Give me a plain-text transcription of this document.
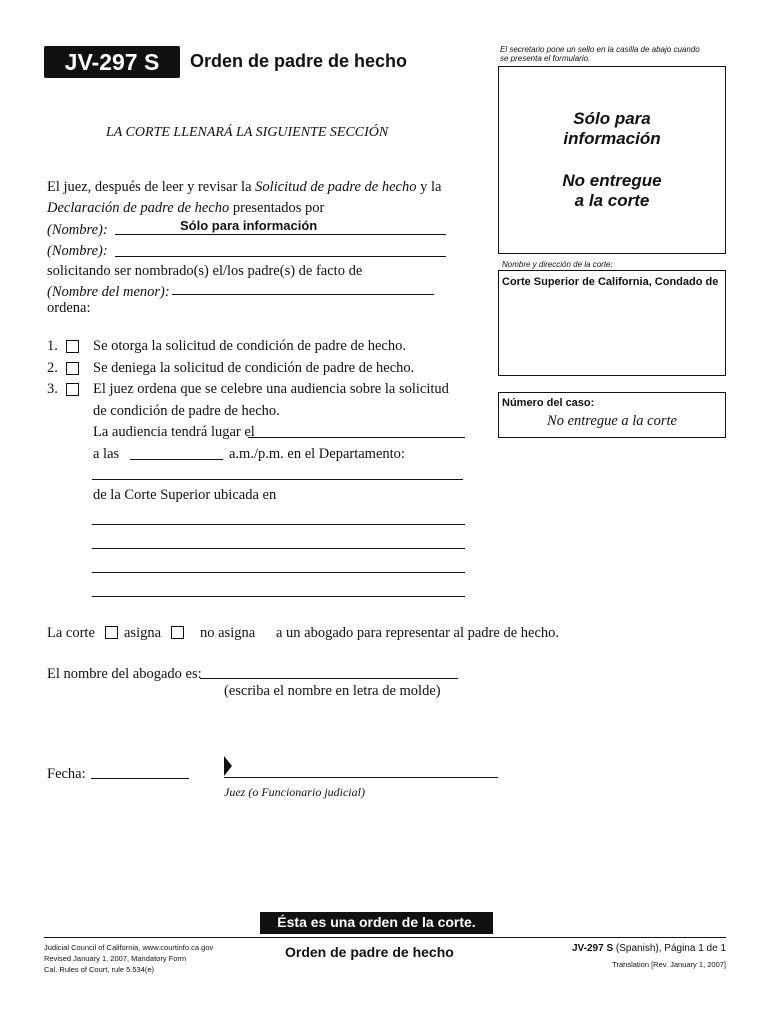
JV-297 S	Orden de padre de hecho
El secretario pone un sello en la casilla de abajo cuando se presenta el formulario.
Sólo para
información
No entregue
a la corte
Nombre y dirección de la corte:
Corte Superior de California, Condado de
Número del caso:
No entregue a la corte
LA CORTE LLENARÁ LA SIGUIENTE SECCIÓN
El juez, después de leer y revisar la Solicitud de padre de hecho y la
Declaración de padre de hecho presentados por
(Nombre):	Sólo para información
(Nombre):
solicitando ser nombrado(s) el/los padre(s) de facto de
(Nombre del menor):
ordena:
1. Se otorga la solicitud de condición de padre de hecho.
2. Se deniega la solicitud de condición de padre de hecho.
3. El juez ordena que se celebre una audiencia sobre la solicitud
de condición de padre de hecho.
La audiencia tendrá lugar el
a las	a.m./p.m. en el Departamento:
de la Corte Superior ubicada en
La corte asigna	no asigna a un abogado para representar al padre de hecho.
El nombre del abogado es:
(escriba el nombre en letra de molde)
Fecha:
Juez (o Funcionario judicial)
Ésta es una orden de la corte.
Judicial Council of California, www.courtinfo.ca.gov
Revised January 1, 2007, Mandatory Form
Cal. Rules of Court, rule 5.534(e)
Orden de padre de hecho	JV-297 S (Spanish), Página 1 de 1
Translation [Rev. January 1, 2007]
